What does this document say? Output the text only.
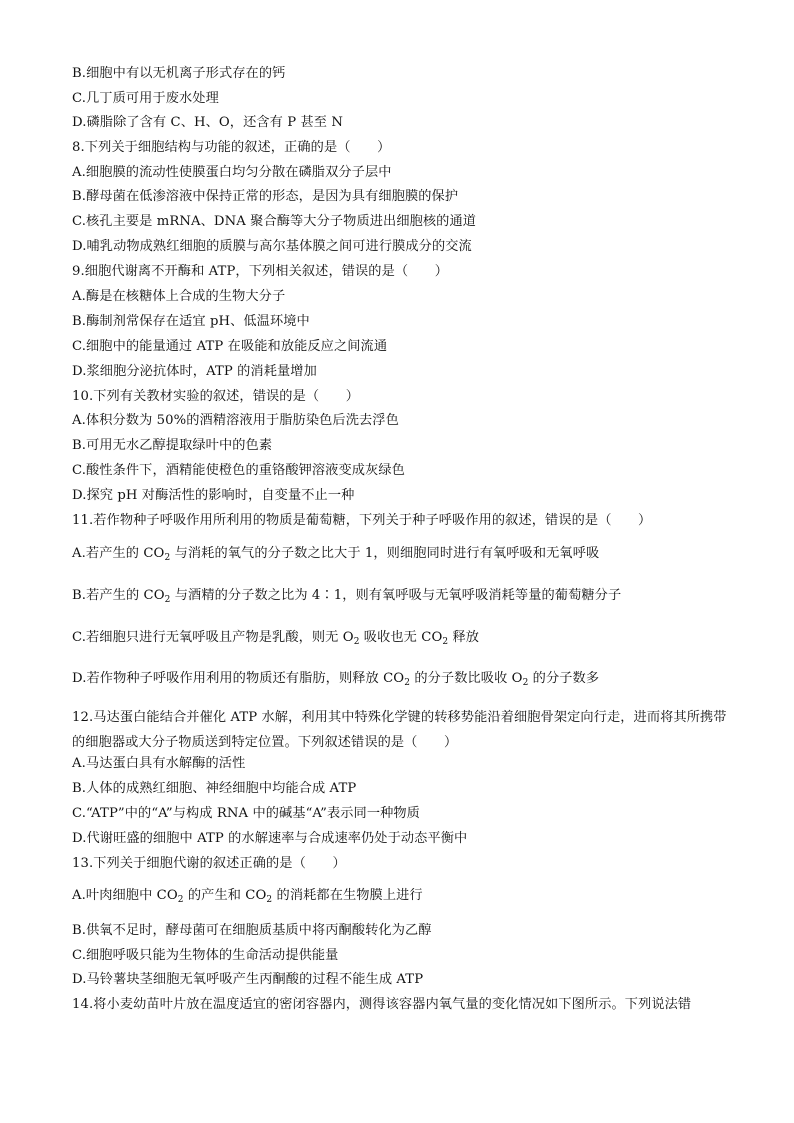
B.细胞中有以无机离子形式存在的钙
C.几丁质可用于废水处理
D.磷脂除了含有 C、H、O，还含有 P 甚至 N
8.下列关于细胞结构与功能的叙述，正确的是（　　）
A.细胞膜的流动性使膜蛋白均匀分散在磷脂双分子层中
B.酵母菌在低渗溶液中保持正常的形态，是因为具有细胞膜的保护
C.核孔主要是 mRNA、DNA 聚合酶等大分子物质进出细胞核的通道
D.哺乳动物成熟红细胞的质膜与高尔基体膜之间可进行膜成分的交流
9.细胞代谢离不开酶和 ATP，下列相关叙述，错误的是（　　）
A.酶是在核糖体上合成的生物大分子
B.酶制剂常保存在适宜 pH、低温环境中
C.细胞中的能量通过 ATP 在吸能和放能反应之间流通
D.浆细胞分泌抗体时，ATP 的消耗量增加
10.下列有关教材实验的叙述，错误的是（　　）
A.体积分数为 50%的酒精溶液用于脂肪染色后洗去浮色
B.可用无水乙醇提取绿叶中的色素
C.酸性条件下，酒精能使橙色的重铬酸钾溶液变成灰绿色
D.探究 pH 对酶活性的影响时，自变量不止一种
11.若作物种子呼吸作用所利用的物质是葡萄糖，下列关于种子呼吸作用的叙述，错误的是（　　）
A.若产生的 $CO_2$ 与消耗的氧气的分子数之比大于 1，则细胞同时进行有氧呼吸和无氧呼吸
B.若产生的 $CO_2$ 与酒精的分子数之比为 4∶1，则有氧呼吸与无氧呼吸消耗等量的葡萄糖分子
C.若细胞只进行无氧呼吸且产物是乳酸，则无 $O_2$ 吸收也无 $CO_2$ 释放
D.若作物种子呼吸作用利用的物质还有脂肪，则释放 $CO_2$ 的分子数比吸收 $O_2$ 的分子数多
12.马达蛋白能结合并催化 ATP 水解，利用其中特殊化学键的转移势能沿着细胞骨架定向行走，进而将其所携带的细胞器或大分子物质送到特定位置。下列叙述错误的是（　　）
A.马达蛋白具有水解酶的活性
B.人体的成熟红细胞、神经细胞中均能合成 ATP
C.“ATP”中的“A”与构成 RNA 中的碱基“A”表示同一种物质
D.代谢旺盛的细胞中 ATP 的水解速率与合成速率仍处于动态平衡中
13.下列关于细胞代谢的叙述正确的是（　　）
A.叶肉细胞中 $CO_2$ 的产生和 $CO_2$ 的消耗都在生物膜上进行
B.供氧不足时，酵母菌可在细胞质基质中将丙酮酸转化为乙醇
C.细胞呼吸只能为生物体的生命活动提供能量
D.马铃薯块茎细胞无氧呼吸产生丙酮酸的过程不能生成 ATP
14.将小麦幼苗叶片放在温度适宜的密闭容器内，测得该容器内氧气量的变化情况如下图所示。下列说法错
